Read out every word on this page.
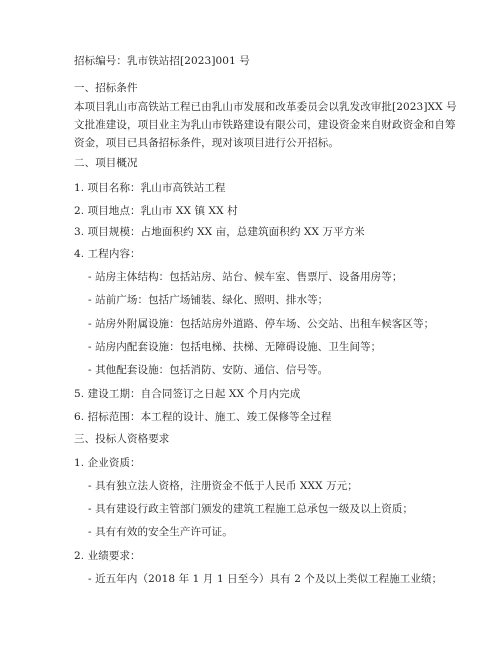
招标编号：乳市铁站招[2023]001 号
一、招标条件
本项目乳山市高铁站工程已由乳山市发展和改革委员会以乳发改审批[2023]XX 号
文批准建设，项目业主为乳山市铁路建设有限公司，建设资金来自财政资金和自筹
资金，项目已具备招标条件，现对该项目进行公开招标。
二、项目概况
1. 项目名称：乳山市高铁站工程
2. 项目地点：乳山市 XX 镇 XX 村
3. 项目规模：占地面积约 XX 亩，总建筑面积约 XX 万平方米
4. 工程内容：
- 站房主体结构：包括站房、站台、候车室、售票厅、设备用房等；
- 站前广场：包括广场铺装、绿化、照明、排水等；
- 站房外附属设施：包括站房外道路、停车场、公交站、出租车候客区等；
- 站房内配套设施：包括电梯、扶梯、无障碍设施、卫生间等；
- 其他配套设施：包括消防、安防、通信、信号等。
5. 建设工期：自合同签订之日起 XX 个月内完成
6. 招标范围：本工程的设计、施工、竣工保修等全过程
三、投标人资格要求
1. 企业资质：
- 具有独立法人资格，注册资金不低于人民币 XXX 万元；
- 具有建设行政主管部门颁发的建筑工程施工总承包一级及以上资质；
- 具有有效的安全生产许可证。
2. 业绩要求：
- 近五年内（2018 年 1 月 1 日至今）具有 2 个及以上类似工程施工业绩；
